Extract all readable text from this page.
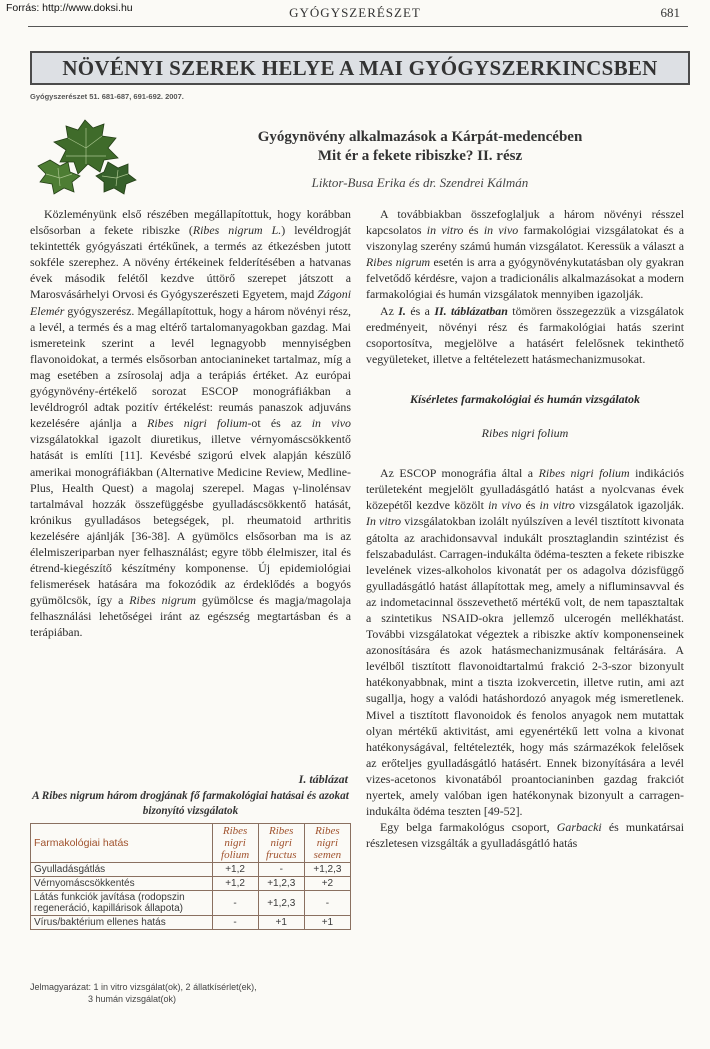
GYÓGYSZERÉSZET	681
Forrás: http://www.doksi.hu
NÖVÉNYI SZEREK HELYE A MAI GYÓGYSZERKINCSBEN
Gyógyszerészet 51. 681-687, 691-692. 2007.
Gyógynövény alkalmazások a Kárpát-medencében
Mit ér a fekete ribiszke? II. rész
Liktor-Busa Erika és dr. Szendrei Kálmán

Közleményünk első részében megállapítottuk, hogy korábban elsősorban a fekete ribiszke (Ribes nigrum L.) levéldrogját tekintették gyógyászati értékűnek, a termés az étkezésben jutott sokféle szerephez. A növény értékeinek felderítésében a hatvanas évek második felétől kezdve úttörő szerepet játszott a Marosvásárhelyi Orvosi és Gyógyszerészeti Egyetem, majd Zágoni Elemér gyógyszerész. Megállapítottuk, hogy a három növényi rész, a levél, a termés és a mag eltérő tartalomanyagokban gazdag. Mai ismereteink szerint a levél legnagyobb mennyiségben flavonoidokat, a termés elsősorban antocianineket tartalmaz, míg a mag esetében a zsírosolaj adja a terápiás értéket. Az európai gyógynövény-értékelő sorozat ESCOP monográfiákban a levéldrogról adtak pozitív értékelést: reumás panaszok adjuváns kezelésére ajánlja a Ribes nigri folium-ot és az in vivo vizsgálatokkal igazolt diuretikus, illetve vérnyomáscsökkentő hatását is említi [11]. Kevésbé szigorú elvek alapján készülő amerikai monográfiákban (Alternative Medicine Review, Medline-Plus, Health Quest) a magolaj szerepel. Magas γ-linolénsav tartalmával hozzák összefüggésbe gyulladáscsökkentő hatását, krónikus gyulladásos betegségek, pl. rheumatoid arthritis kezelésére ajánlják [36-38]. A gyümölcs elsősorban ma is az élelmiszeriparban nyer felhasználást; egyre több élelmiszer, ital és étrend-kiegészítő készítmény komponense. Új epidemiológiai felismerések hatására ma fokozódik az érdeklődés a bogyós gyümölcsök, így a Ribes nigrum gyümölcse és magja/magolaja felhasználási lehetőségei iránt az egészség megtartásban és a terápiában.

I. táblázat
A Ribes nigrum három drogjának fő farmakológiai hatásai és azokat bizonyító vizsgálatok
Farmakológiai hatás	Ribes nigri folium	Ribes nigri fructus	Ribes nigri semen
Gyulladásgátlás	+1,2	-	+1,2,3
Vérnyomáscsökkentés	+1,2	+1,2,3	+2
Látás funkciók javítása (rodopszin regeneráció, kapillárisok állapota)	-	+1,2,3	-
Vírus/baktérium ellenes hatás	-	+1	+1
Jelmagyarázat: 1 in vitro vizsgálat(ok), 2 állatkísérlet(ek),
3 humán vizsgálat(ok)

A továbbiakban összefoglaljuk a három növényi résszel kapcsolatos in vitro és in vivo farmakológiai vizsgálatokat és a viszonylag szerény számú humán vizsgálatot. Keressük a választ a Ribes nigrum esetén is arra a gyógynövénykutatásban oly gyakran felvetődő kérdésre, vajon a tradicionális alkalmazásokat a modern farmakológiai és humán vizsgálatok mennyiben igazolják.

Az I. és a II. táblázatban tömören összegezzük a vizsgálatok eredményeit, növényi rész és farmakológiai hatás szerint csoportosítva, megjelölve a hatásért felelősnek tekinthető vegyületeket, illetve a feltételezett hatásmechanizmusokat.

Kísérletes farmakológiai és humán vizsgálatok

Ribes nigri folium

Az ESCOP monográfia által a Ribes nigri folium indikációs területeként megjelölt gyulladásgátló hatást a nyolcvanas évek közepétől kezdve közölt in vivo és in vitro vizsgálatok igazolják. In vitro vizsgálatokban izolált nyúlszíven a levél tisztított kivonata gátolta az arachidonsavval indukált prosztaglandin szintézist és felszabadulást. Carragen-indukálta ödéma-teszten a fekete ribiszke levelének vizes-alkoholos kivonatát per os adagolva dózisfüggő gyulladásgátló hatást állapítottak meg, amely a nifluminsavval és az indometacinnal összevethető mértékű volt, de nem tapasztaltak a szintetikus NSAID-okra jellemző ulcerogén mellékhatást. További vizsgálatokat végeztek a ribiszke aktív komponenseinek azonosítására és azok hatásmechanizmusának feltárására. A levélből tisztított flavonoidtartalmú frakció 2-3-szor bizonyult hatékonyabbnak, mint a tiszta izokvercetin, illetve rutin, ami azt sugallja, hogy a valódi hatáshordozó anyagok még ismeretlenek. Mivel a tisztított flavonoidok és fenolos anyagok nem mutattak olyan mértékű aktivitást, ami egyenértékű lett volna a kivonat hatékonyságával, feltételezték, hogy más származékok felelősek az erőteljes gyulladásgátló hatásért. Ennek bizonyítására a levél vizes-acetonos kivonatából proantocianinben gazdag frakciót nyertek, amely valóban igen hatékonynak bizonyult a carragen-indukálta ödéma teszten [49-52].

Egy belga farmakológus csoport, Garbacki és munkatársai részletesen vizsgálták a gyulladásgátló hatás
